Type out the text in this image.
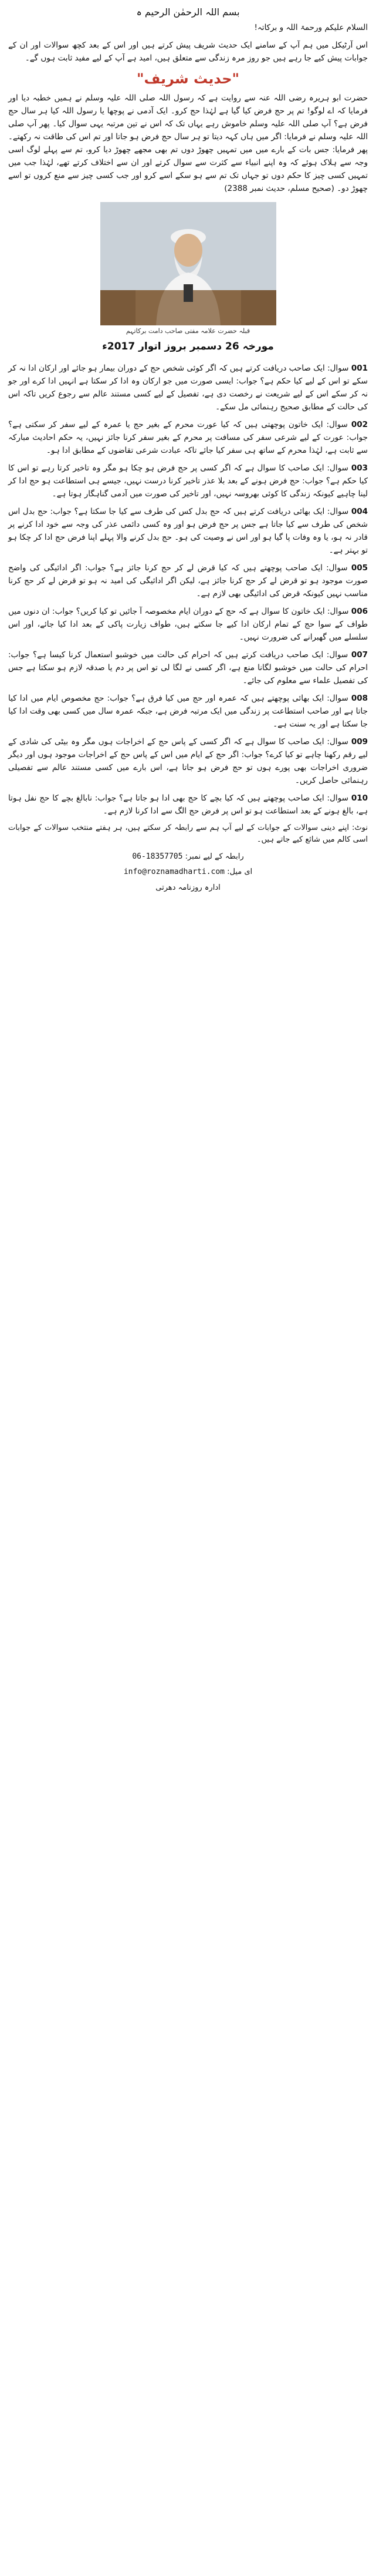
بسم اللہ الرحمٰن الرحیم ہ

السلام علیکم ورحمۃ اللہ و برکاتہ!

اس آرٹیکل میں ہم آپ کے سامنے ایک حدیث شریف پیش کرتے ہیں اور اس کے بعد کچھ سوالات اور ان کے جوابات پیش کیے جا رہے ہیں جو روز مرہ زندگی سے متعلق ہیں، امید ہے آپ کے لیے مفید ثابت ہوں گے۔

"حدیث شریف"

حضرت ابو ہریرہ رضی اللہ عنہ سے روایت ہے کہ رسول اللہ صلی اللہ علیہ وسلم نے ہمیں خطبہ دیا اور فرمایا کہ اے لوگو! تم پر حج فرض کیا گیا ہے لہٰذا حج کرو۔ ایک آدمی نے پوچھا یا رسول اللہ کیا ہر سال حج فرض ہے؟ آپ صلی اللہ علیہ وسلم خاموش رہے یہاں تک کہ اس نے تین مرتبہ یہی سوال کیا۔ پھر آپ صلی اللہ علیہ وسلم نے فرمایا: اگر میں ہاں کہہ دیتا تو ہر سال حج فرض ہو جاتا اور تم اس کی طاقت نہ رکھتے۔ پھر فرمایا: جس بات کے بارے میں میں تمہیں چھوڑ دوں تم بھی مجھے چھوڑ دیا کرو، تم سے پہلے لوگ اسی وجہ سے ہلاک ہوئے کہ وہ اپنے انبیاء سے کثرت سے سوال کرتے اور ان سے اختلاف کرتے تھے، لہٰذا جب میں تمہیں کسی چیز کا حکم دوں تو جہاں تک تم سے ہو سکے اسے کرو اور جب کسی چیز سے منع کروں تو اسے چھوڑ دو۔ (صحیح مسلم، حدیث نمبر 2388)

قبلہ حضرت علامہ مفتی صاحب دامت برکاتہم
مورخہ 26 دسمبر بروز اتوار 2017ء

001 سوال: ایک صاحب دریافت کرتے ہیں کہ اگر کوئی شخص حج کے دوران بیمار ہو جائے اور ارکان ادا نہ کر سکے تو اس کے لیے کیا حکم ہے؟ جواب: ایسی صورت میں جو ارکان وہ ادا کر سکتا ہے انہیں ادا کرے اور جو نہ کر سکے اس کے لیے شریعت نے رخصت دی ہے، تفصیل کے لیے کسی مستند عالم سے رجوع کریں تاکہ اس کی حالت کے مطابق صحیح رہنمائی مل سکے۔

002 سوال: ایک خاتون پوچھتی ہیں کہ کیا عورت محرم کے بغیر حج یا عمرہ کے لیے سفر کر سکتی ہے؟ جواب: عورت کے لیے شرعی سفر کی مسافت پر محرم کے بغیر سفر کرنا جائز نہیں، یہ حکم احادیث مبارکہ سے ثابت ہے، لہٰذا محرم کے ساتھ ہی سفر کیا جائے تاکہ عبادت شرعی تقاضوں کے مطابق ادا ہو۔

003 سوال: ایک صاحب کا سوال ہے کہ اگر کسی پر حج فرض ہو چکا ہو مگر وہ تاخیر کرتا رہے تو اس کا کیا حکم ہے؟ جواب: حج فرض ہونے کے بعد بلا عذر تاخیر کرنا درست نہیں، جیسے ہی استطاعت ہو حج ادا کر لینا چاہیے کیونکہ زندگی کا کوئی بھروسہ نہیں، اور تاخیر کی صورت میں آدمی گناہگار ہوتا ہے۔

004 سوال: ایک بھائی دریافت کرتے ہیں کہ حج بدل کس کی طرف سے کیا جا سکتا ہے؟ جواب: حج بدل اس شخص کی طرف سے کیا جاتا ہے جس پر حج فرض ہو اور وہ کسی دائمی عذر کی وجہ سے خود ادا کرنے پر قادر نہ ہو، یا وہ وفات پا گیا ہو اور اس نے وصیت کی ہو۔ حج بدل کرنے والا پہلے اپنا فرض حج ادا کر چکا ہو تو بہتر ہے۔

005 سوال: ایک صاحب پوچھتے ہیں کہ کیا قرض لے کر حج کرنا جائز ہے؟ جواب: اگر ادائیگی کی واضح صورت موجود ہو تو قرض لے کر حج کرنا جائز ہے، لیکن اگر ادائیگی کی امید نہ ہو تو قرض لے کر حج کرنا مناسب نہیں کیونکہ قرض کی ادائیگی بھی لازم ہے۔

006 سوال: ایک خاتون کا سوال ہے کہ حج کے دوران ایام مخصوصہ آ جائیں تو کیا کریں؟ جواب: ان دنوں میں طواف کے سوا حج کے تمام ارکان ادا کیے جا سکتے ہیں، طواف زیارت پاکی کے بعد ادا کیا جائے، اور اس سلسلے میں گھبرانے کی ضرورت نہیں۔

007 سوال: ایک صاحب دریافت کرتے ہیں کہ احرام کی حالت میں خوشبو استعمال کرنا کیسا ہے؟ جواب: احرام کی حالت میں خوشبو لگانا منع ہے، اگر کسی نے لگا لی تو اس پر دم یا صدقہ لازم ہو سکتا ہے جس کی تفصیل علماء سے معلوم کی جائے۔

008 سوال: ایک بھائی پوچھتے ہیں کہ عمرہ اور حج میں کیا فرق ہے؟ جواب: حج مخصوص ایام میں ادا کیا جاتا ہے اور صاحب استطاعت پر زندگی میں ایک مرتبہ فرض ہے، جبکہ عمرہ سال میں کسی بھی وقت ادا کیا جا سکتا ہے اور یہ سنت ہے۔

009 سوال: ایک صاحب کا سوال ہے کہ اگر کسی کے پاس حج کے اخراجات ہوں مگر وہ بیٹی کی شادی کے لیے رقم رکھنا چاہے تو کیا کرے؟ جواب: اگر حج کے ایام میں اس کے پاس حج کے اخراجات موجود ہوں اور دیگر ضروری اخراجات بھی پورے ہوں تو حج فرض ہو جاتا ہے، اس بارے میں کسی مستند عالم سے تفصیلی رہنمائی حاصل کریں۔

010 سوال: ایک صاحب پوچھتے ہیں کہ کیا بچے کا حج بھی ادا ہو جاتا ہے؟ جواب: نابالغ بچے کا حج نفل ہوتا ہے، بالغ ہونے کے بعد استطاعت ہو تو اس پر فرض حج الگ سے ادا کرنا لازم ہے۔

نوٹ: اپنے دینی سوالات کے جوابات کے لیے آپ ہم سے رابطہ کر سکتے ہیں، ہر ہفتے منتخب سوالات کے جوابات اسی کالم میں شائع کیے جاتے ہیں۔

رابطہ کے لیے نمبر: 06-18357705
ای میل: info@roznamadharti.com
ادارہ روزنامہ دھرتی
